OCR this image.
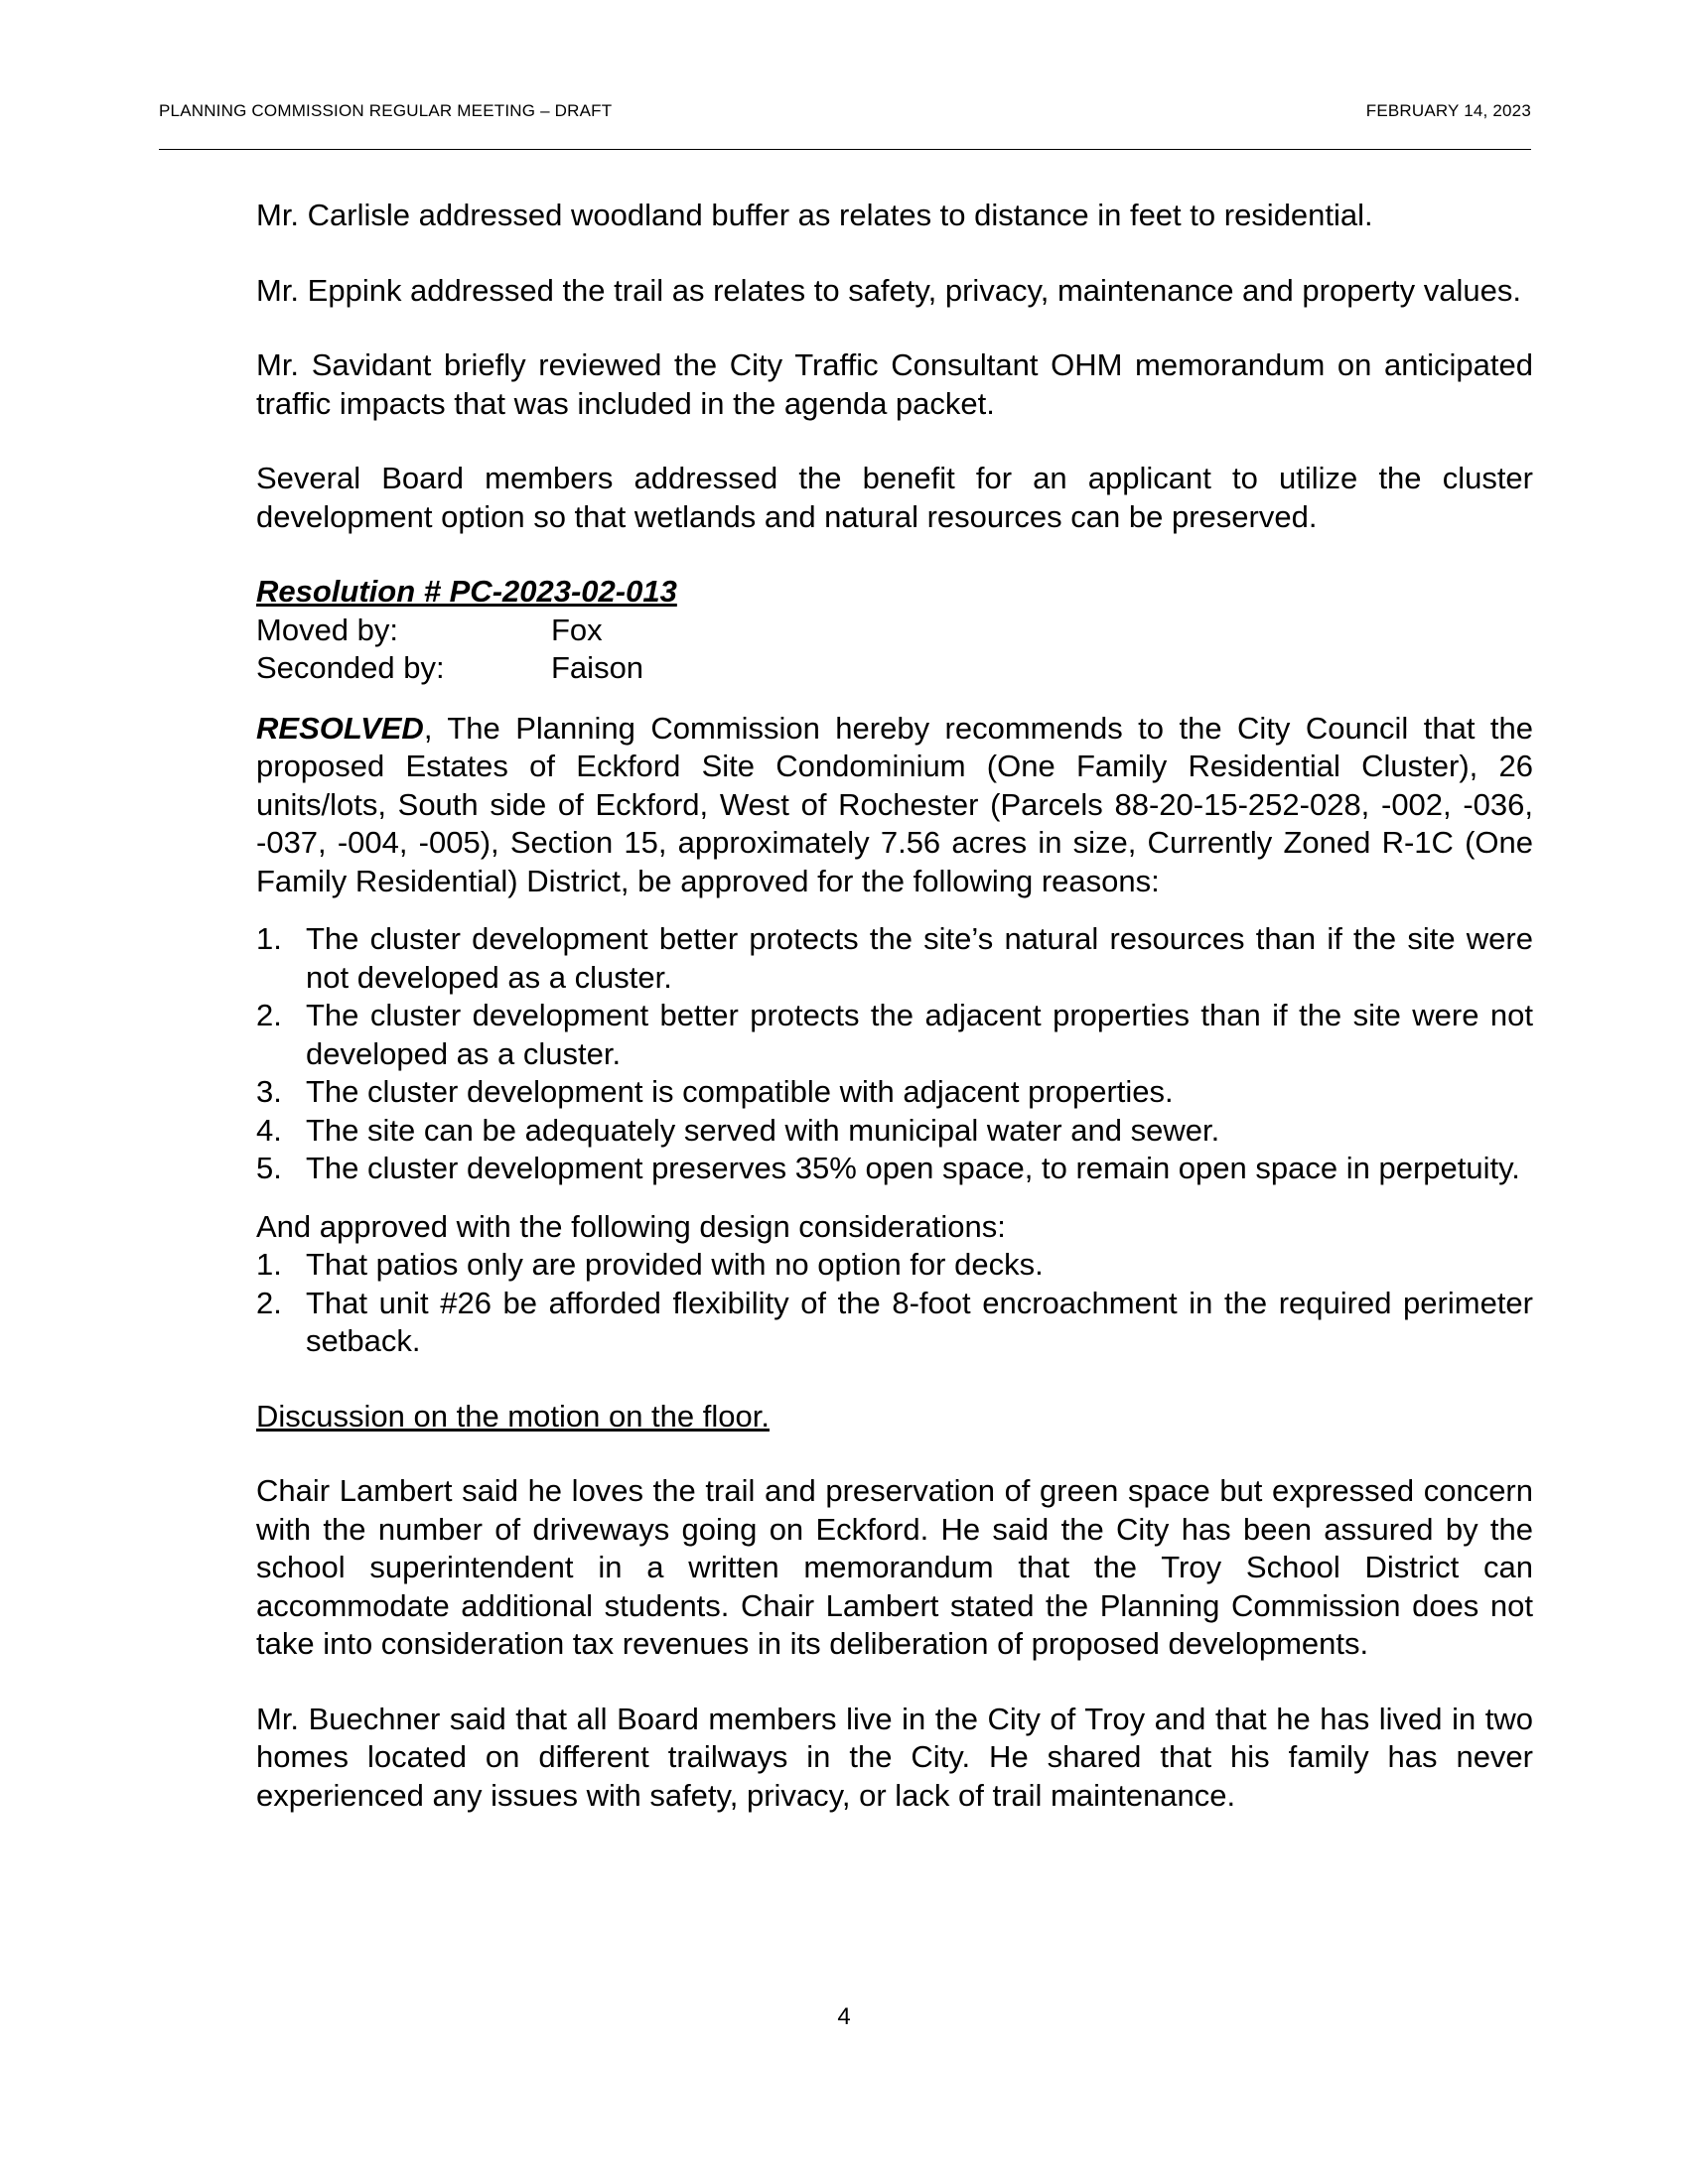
PLANNING COMMISSION REGULAR MEETING – DRAFT	FEBRUARY 14, 2023

Mr. Carlisle addressed woodland buffer as relates to distance in feet to residential.

Mr. Eppink addressed the trail as relates to safety, privacy, maintenance and property values.

Mr. Savidant briefly reviewed the City Traffic Consultant OHM memorandum on anticipated traffic impacts that was included in the agenda packet.

Several Board members addressed the benefit for an applicant to utilize the cluster development option so that wetlands and natural resources can be preserved.

Resolution # PC-2023-02-013

Moved by:	Fox
Seconded by:	Faison

RESOLVED, The Planning Commission hereby recommends to the City Council that the proposed Estates of Eckford Site Condominium (One Family Residential Cluster), 26 units/lots, South side of Eckford, West of Rochester (Parcels 88-20-15-252-028, -002, -036, -037, -004, -005), Section 15, approximately 7.56 acres in size, Currently Zoned R-1C (One Family Residential) District, be approved for the following reasons:

1. The cluster development better protects the site’s natural resources than if the site were not developed as a cluster.
2. The cluster development better protects the adjacent properties than if the site were not developed as a cluster.
3. The cluster development is compatible with adjacent properties.
4. The site can be adequately served with municipal water and sewer.
5. The cluster development preserves 35% open space, to remain open space in perpetuity.

And approved with the following design considerations:

1. That patios only are provided with no option for decks.
2. That unit #26 be afforded flexibility of the 8-foot encroachment in the required perimeter setback.

Discussion on the motion on the floor.

Chair Lambert said he loves the trail and preservation of green space but expressed concern with the number of driveways going on Eckford. He said the City has been assured by the school superintendent in a written memorandum that the Troy School District can accommodate additional students. Chair Lambert stated the Planning Commission does not take into consideration tax revenues in its deliberation of proposed developments.

Mr. Buechner said that all Board members live in the City of Troy and that he has lived in two homes located on different trailways in the City. He shared that his family has never experienced any issues with safety, privacy, or lack of trail maintenance.

4
